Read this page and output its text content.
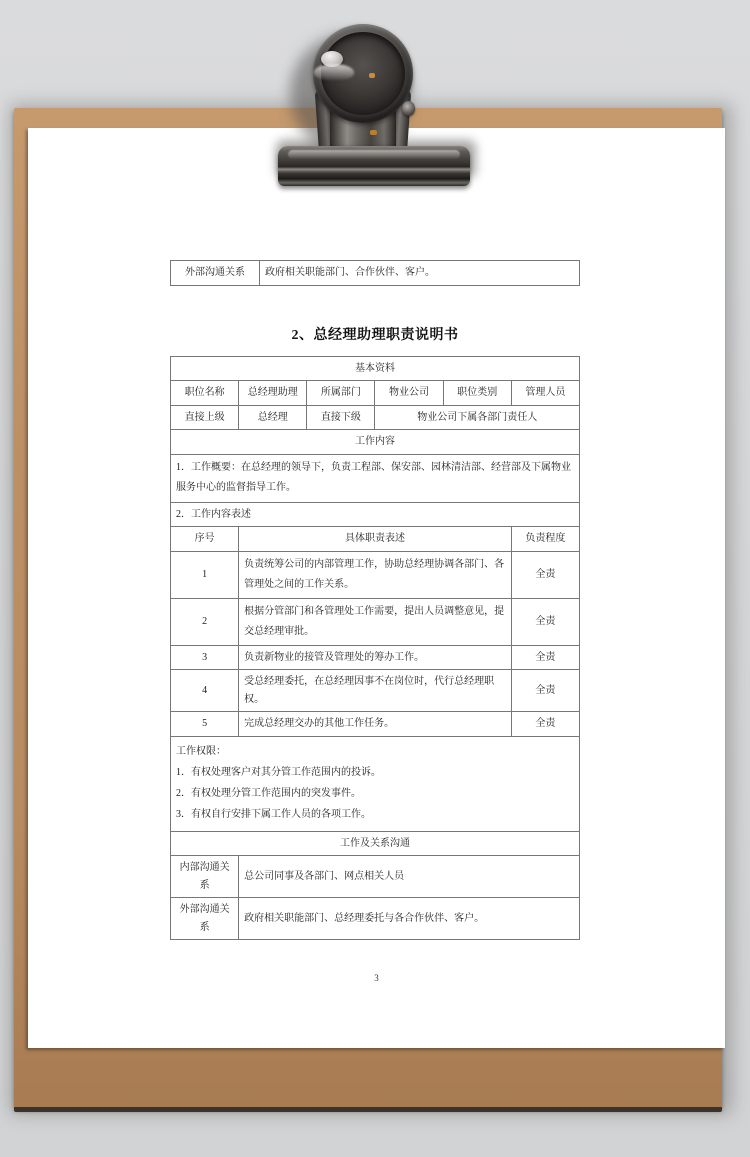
外部沟通关系	政府相关职能部门、合作伙伴、客户。
2、总经理助理职责说明书
基本资料					
职位名称	总经理助理	所属部门	物业公司	职位类别	管理人员
直接上级	总经理	直接下级	物业公司下属各部门责任人		
工作内容					
1．工作概要：在总经理的领导下，负责工程部、保安部、园林清洁部、经营部及下属物业服务中心的监督指导工作。					
2．工作内容表述					
序号	具体职责表述				负责程度
1	负责统筹公司的内部管理工作，协助总经理协调各部门、各管理处之间的工作关系。				全责
2	根据分管部门和各管理处工作需要，提出人员调整意见，提交总经理审批。				全责
3	负责新物业的接管及管理处的筹办工作。				全责
4	受总经理委托，在总经理因事不在岗位时，代行总经理职权。				全责
5	完成总经理交办的其他工作任务。				全责

工作权限：
1．有权处理客户对其分管工作范围内的投诉。
2．有权处理分管工作范围内的突发事件。
3．有权自行安排下属工作人员的各项工作。					

工作及关系沟通					
内部沟通关系	总公司同事及各部门、网点相关人员				
外部沟通关系	政府相关职能部门、总经理委托与各合作伙伴、客户。				
3
